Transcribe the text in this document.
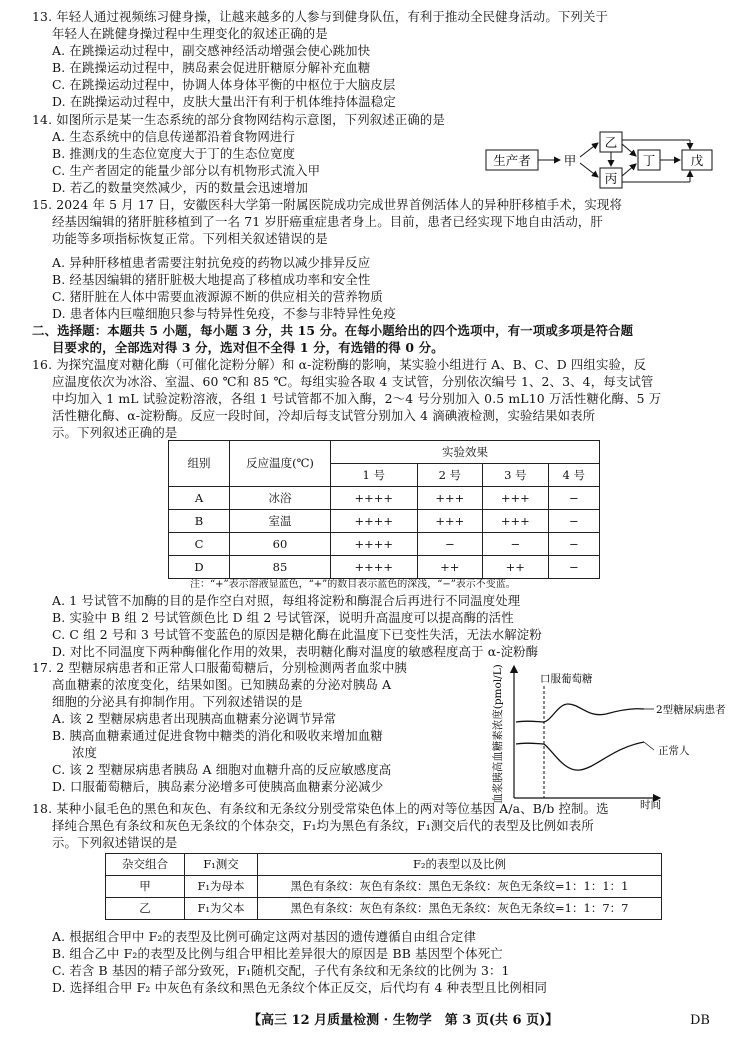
13. 年轻人通过视频练习健身操，让越来越多的人参与到健身队伍，有利于推动全民健身活动。下列关于
年轻人在跳健身操过程中生理变化的叙述正确的是
A. 在跳操运动过程中，副交感神经活动增强会使心跳加快
B. 在跳操运动过程中，胰岛素会促进肝糖原分解补充血糖
C. 在跳操运动过程中，协调人体身体平衡的中枢位于大脑皮层
D. 在跳操运动过程中，皮肤大量出汗有利于机体维持体温稳定
14. 如图所示是某一生态系统的部分食物网结构示意图，下列叙述正确的是
A. 生态系统中的信息传递都沿着食物网进行
B. 推测戊的生态位宽度大于丁的生态位宽度
C. 生产者固定的能量少部分以有机物形式流入甲
D. 若乙的数量突然减少，丙的数量会迅速增加
生产者	甲
乙
丙
丁	戊
15. 2024 年 5 月 17 日，安徽医科大学第一附属医院成功完成世界首例活体人的异种肝移植手术，实现将
经基因编辑的猪肝脏移植到了一名 71 岁肝癌重症患者身上。目前，患者已经实现下地自由活动，肝
功能等多项指标恢复正常。下列相关叙述错误的是
A. 异种肝移植患者需要注射抗免疫的药物以减少排异反应
B. 经基因编辑的猪肝脏极大地提高了移植成功率和安全性
C. 猪肝脏在人体中需要血液源源不断的供应相关的营养物质
D. 患者体内巨噬细胞只参与特异性免疫，不参与非特异性免疫
二、选择题：本题共 5 小题，每小题 3 分，共 15 分。在每小题给出的四个选项中，有一项或多项是符合题
目要求的，全部选对得 3 分，选对但不全得 1 分，有选错的得 0 分。
16. 为探究温度对糖化酶（可催化淀粉分解）和 α-淀粉酶的影响，某实验小组进行 A、B、C、D 四组实验，反
应温度依次为冰浴、室温、60 ℃和 85 ℃。每组实验各取 4 支试管，分别依次编号 1、2、3、4，每支试管
中均加入 1 mL 试验淀粉溶液，各组 1 号试管都不加入酶，2～4 号分别加入 0.5 mL10 万活性糖化酶、5 万
活性糖化酶、α-淀粉酶。反应一段时间，冷却后每支试管分别加入 4 滴碘液检测，实验结果如表所
示。下列叙述正确的是
组别	反应温度(℃)	实验效果			
		1 号	2 号	3 号	4 号
A	冰浴	++++	+++	+++	−
B	室温	++++	+++	+++	−
C	60	++++	−	−	−
D	85	++++	++	++	−
注：“+”表示溶液显蓝色，“+”的数目表示蓝色的深浅，“−”表示不变蓝。
A. 1 号试管不加酶的目的是作空白对照，每组将淀粉和酶混合后再进行不同温度处理
B. 实验中 B 组 2 号试管颜色比 D 组 2 号试管深，说明升高温度可以提高酶的活性
C. C 组 2 号和 3 号试管不变蓝色的原因是糖化酶在此温度下已变性失活，无法水解淀粉
D. 对比不同温度下两种酶催化作用的效果，表明糖化酶对温度的敏感程度高于 α-淀粉酶
17. 2 型糖尿病患者和正常人口服葡萄糖后，分别检测两者血浆中胰
高血糖素的浓度变化，结果如图。已知胰岛素的分泌对胰岛 A
细胞的分泌具有抑制作用。下列叙述错误的是
A. 该 2 型糖尿病患者出现胰高血糖素分泌调节异常
B. 胰高血糖素通过促进食物中糖类的消化和吸收来增加血糖
浓度
C. 该 2 型糖尿病患者胰岛 A 细胞对血糖升高的反应敏感度高
D. 口服葡萄糖后，胰岛素分泌增多可使胰高血糖素分泌减少	血浆胰高血糖素浓度(pmol/L)
时间
口服葡萄糖
2型糖尿病患者
正常人
18. 某种小鼠毛色的黑色和灰色、有条纹和无条纹分别受常染色体上的两对等位基因 A/a、B/b 控制。选
择纯合黑色有条纹和灰色无条纹的个体杂交，F₁均为黑色有条纹，F₁测交后代的表型及比例如表所
示。下列叙述错误的是
杂交组合	F₁测交	F₂的表型以及比例
甲	F₁为母本	黑色有条纹：灰色有条纹：黑色无条纹：灰色无条纹=1：1：1：1
乙	F₁为父本	黑色有条纹：灰色有条纹：黑色无条纹：灰色无条纹=1：1：7：7
A. 根据组合甲中 F₂的表型及比例可确定这两对基因的遗传遵循自由组合定律
B. 组合乙中 F₂的表型及比例与组合甲相比差异很大的原因是 BB 基因型个体死亡
C. 若含 B 基因的精子部分致死，F₁随机交配，子代有条纹和无条纹的比例为 3：1
D. 选择组合甲 F₂ 中灰色有条纹和黑色无条纹个体正反交，后代均有 4 种表型且比例相同
【高三 12 月质量检测 · 生物学　第 3 页(共 6 页)】	DB
